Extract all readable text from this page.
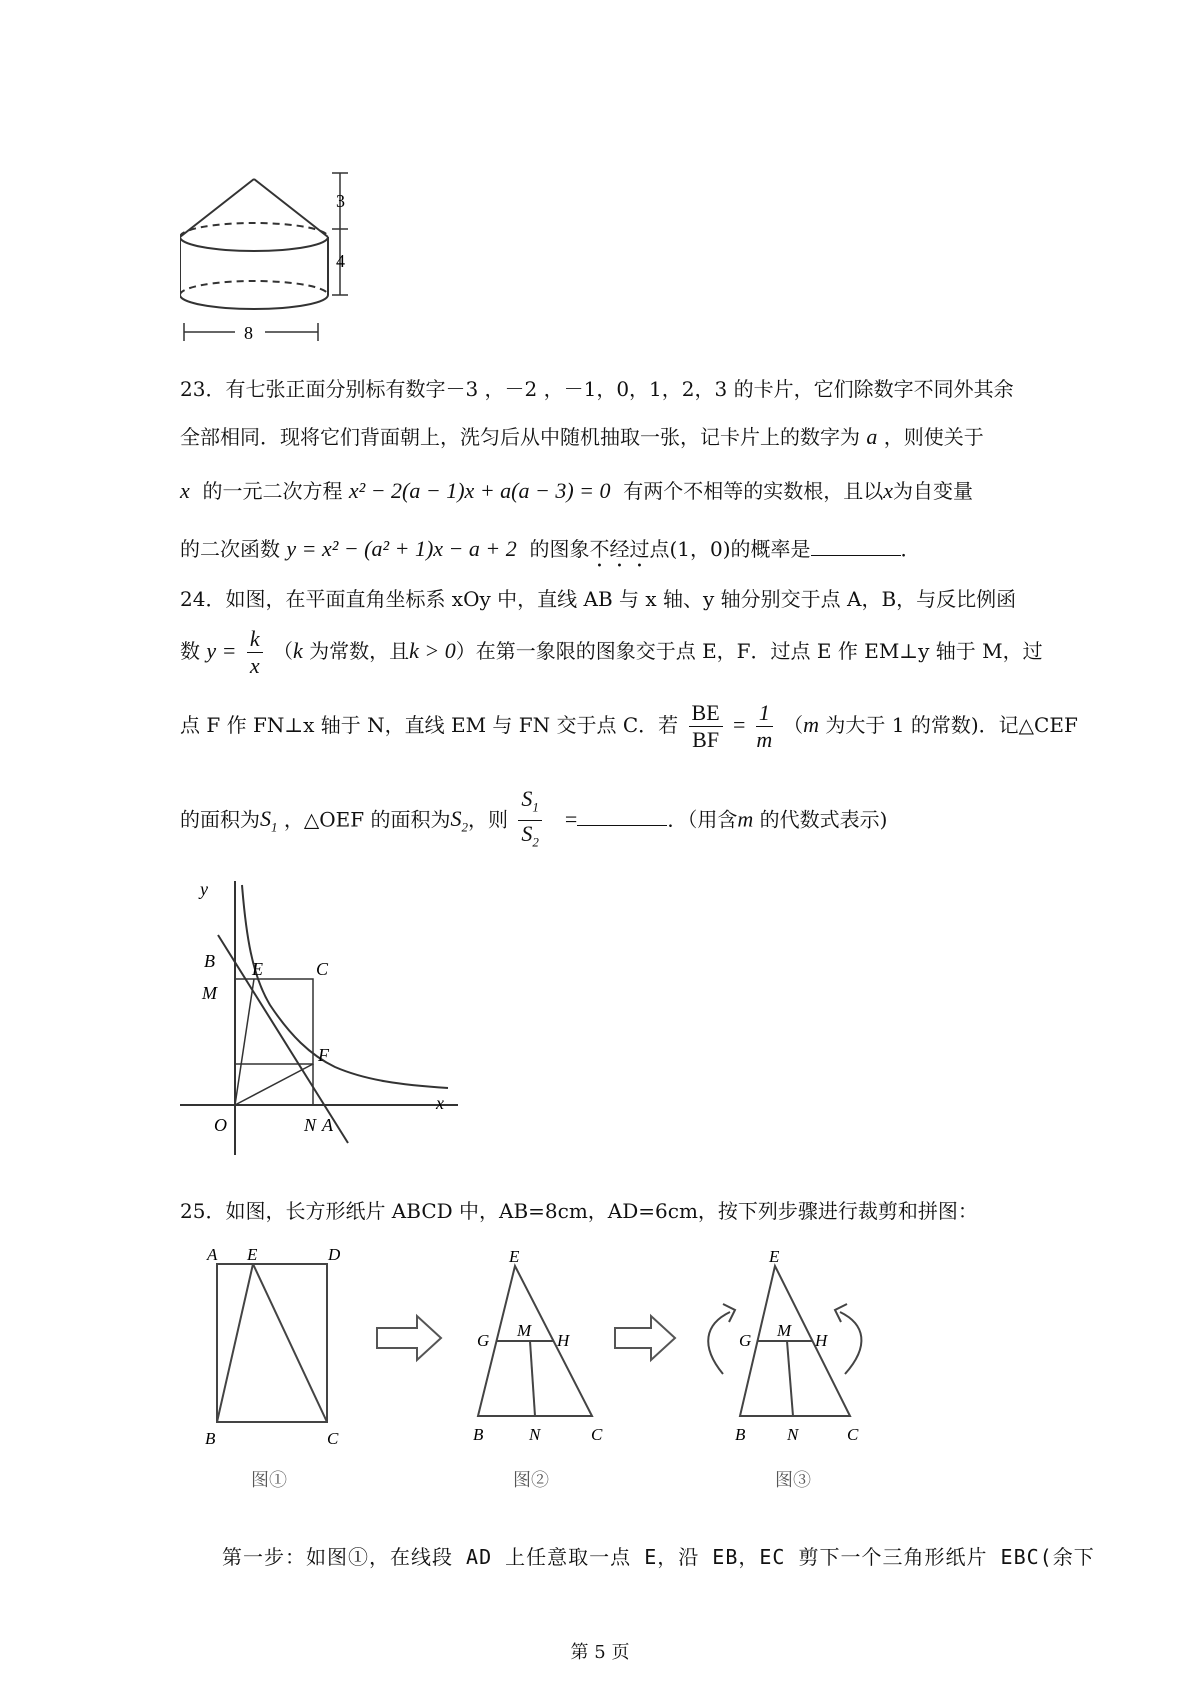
3
4
8
23．有七张正面分别标有数字－3 ，－2 ，－1，0，1，2，3 的卡片，它们除数字不同外其余
全部相同．现将它们背面朝上，洗匀后从中随机抽取一张，记卡片上的数字为 a ，则使关于
x 的一元二次方程 x² − 2(a − 1)x + a(a − 3) = 0 有两个不相等的实数根，且以x为自变量
的二次函数 y = x² − (a² + 1)x − a + 2 的图象不经过点(1，0)的概率是	．
24．如图，在平面直角坐标系 xOy 中，直线 AB 与 x 轴、y 轴分别交于点 A，B，与反比例函
数 $y = \frac{k}{x} (k$ 为常数，且k > 0）在第一象限的图象交于点 E，F．过点 E 作 EM⊥y 轴于 M，过
点 F 作 FN⊥x 轴于 N，直线 EM 与 FN 交于点 C．若 $\frac{BE}{BF} = \frac{1}{m} (m$ 为大于 1 的常数)．记△CEF
的面积为$S_1$ ，△OEF 的面积为$S_2$，则 $\frac{S_1}{S_2}$ =	．（用含m 的代数式表示)
y
B E	C
M
F
O	N A
x
25．如图，长方形纸片 ABCD 中，AB=8cm，AD=6cm，按下列步骤进行裁剪和拼图：
A E	D
B	C
图①
E
G
M
H
B	N	C
图②
E
G
M
H
B N	C
图③
第一步：如图①，在线段 AD 上任意取一点 E，沿 EB，EC 剪下一个三角形纸片 EBC(余下
第 5 页
